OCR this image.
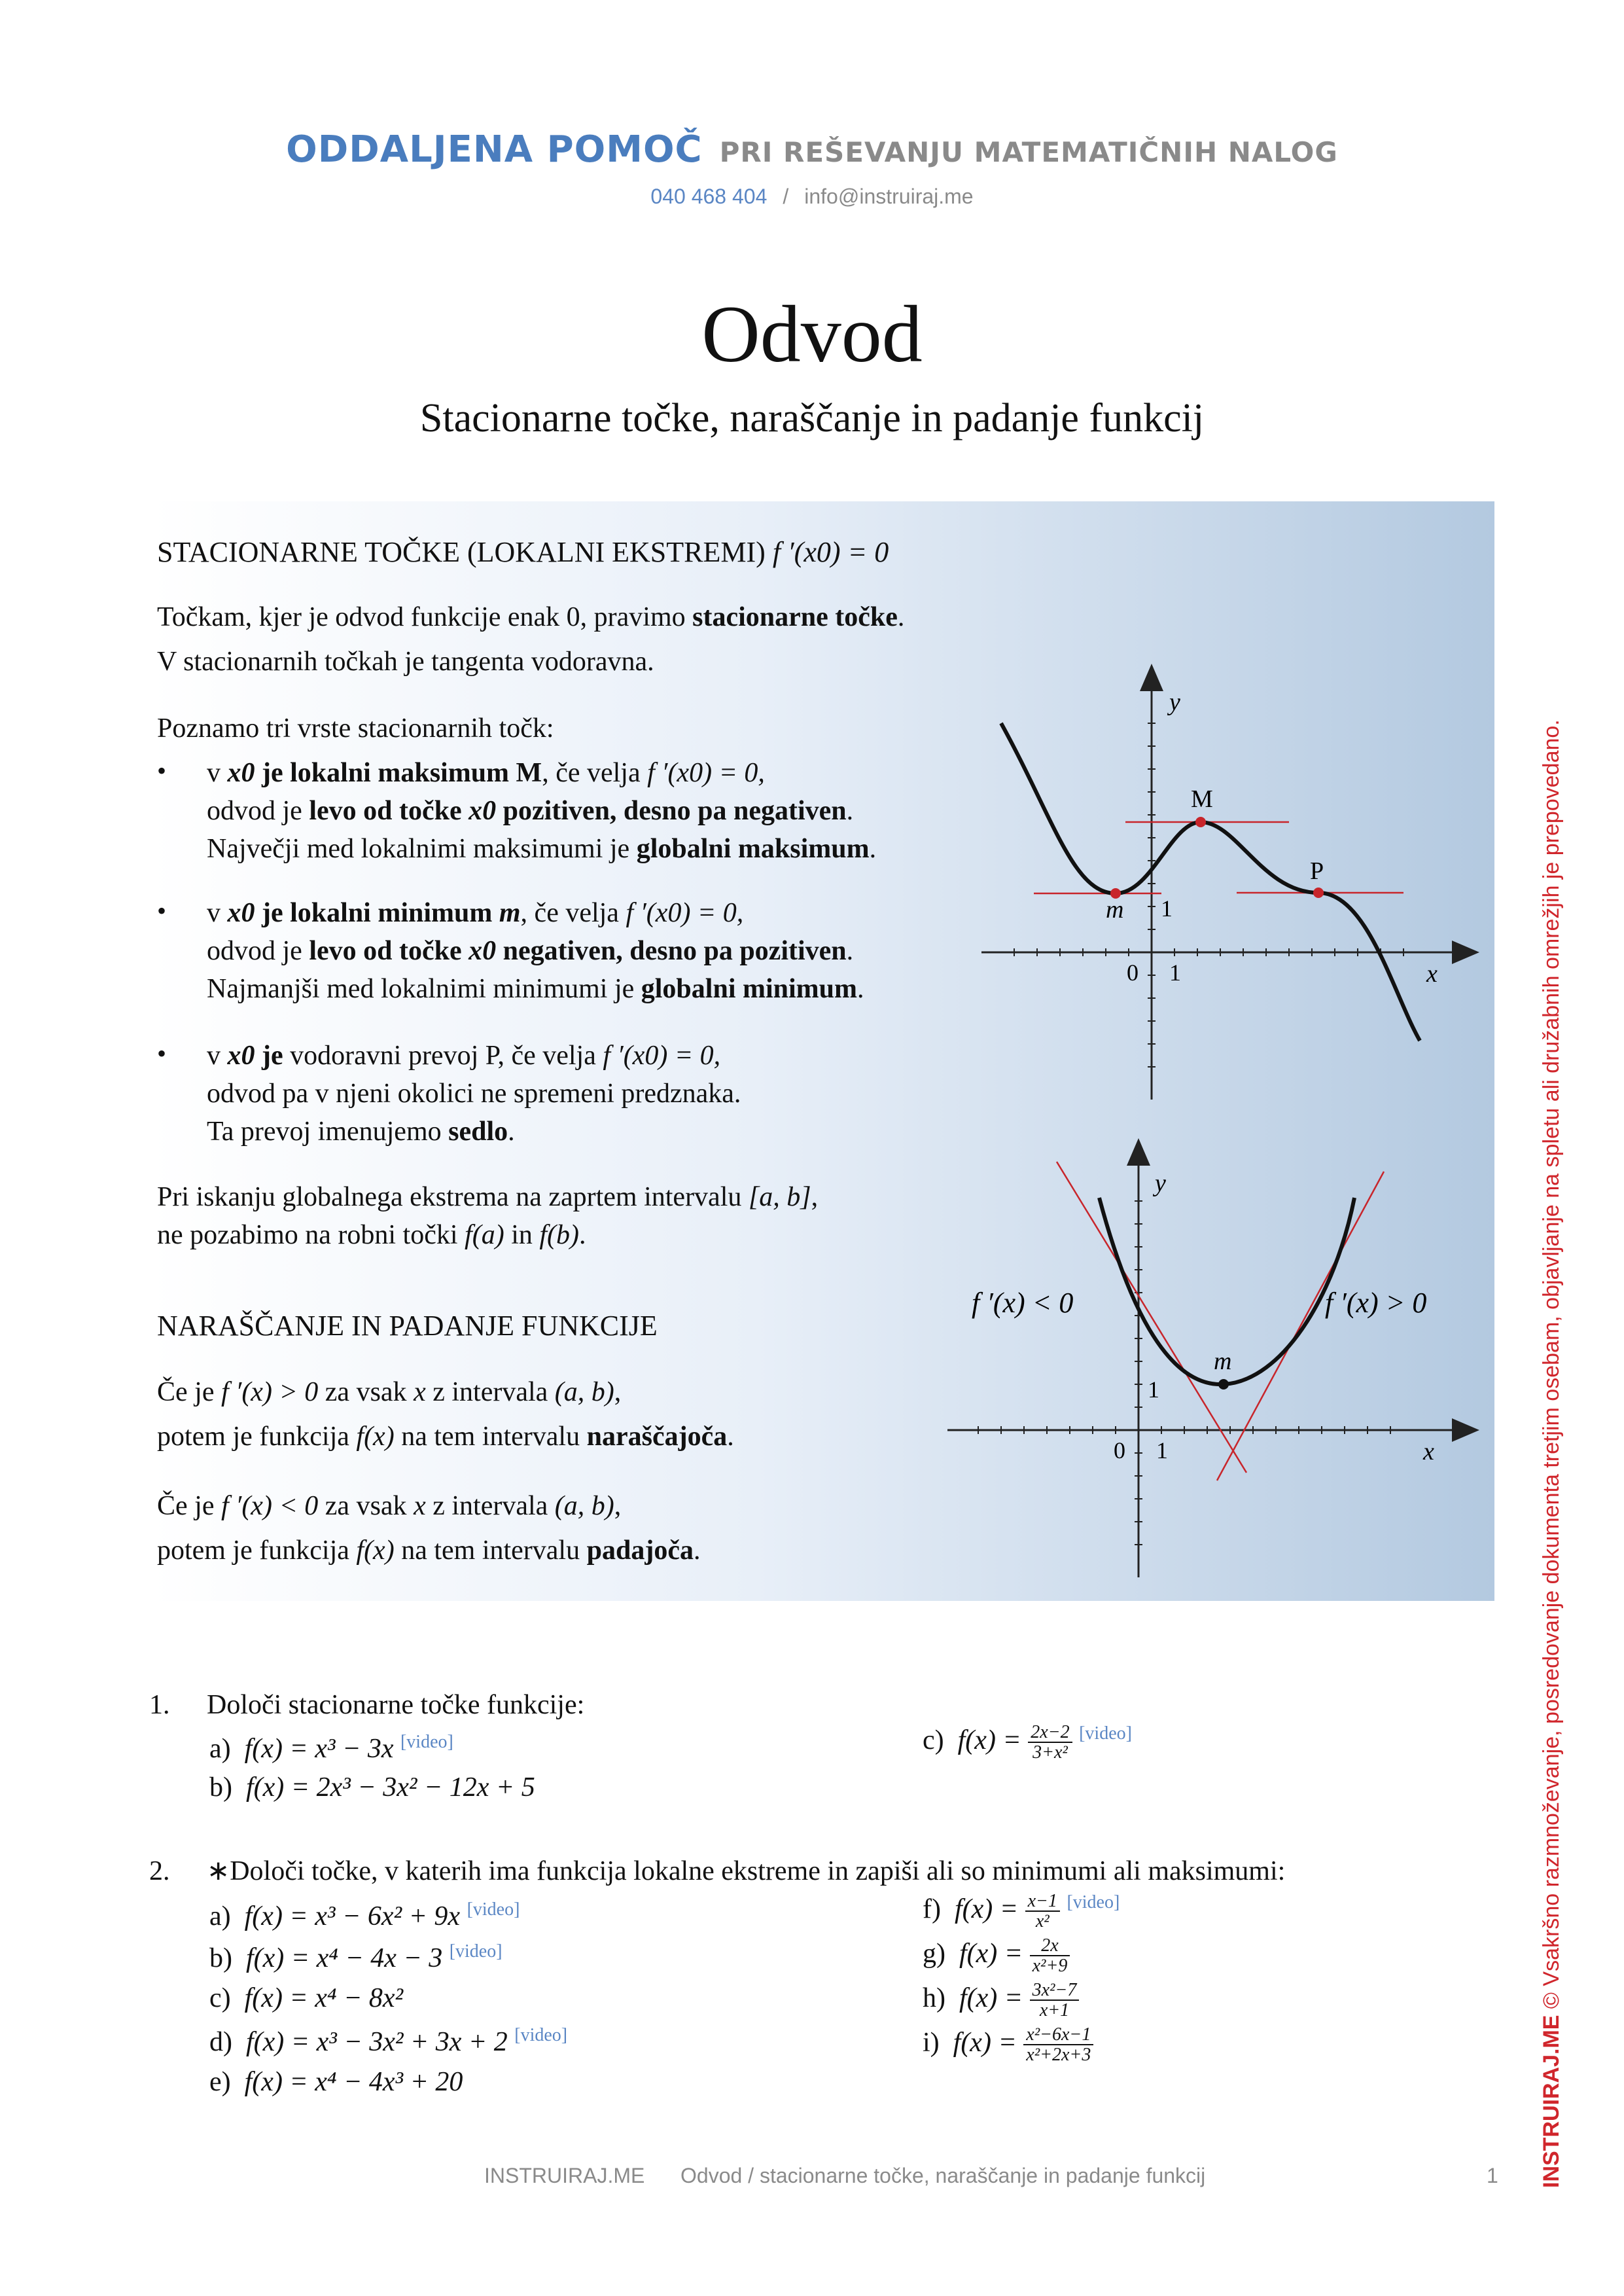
ODDALJENA POMOČ PRI REŠEVANJU MATEMATIČNIH NALOG
040 468 404 / info@instruiraj.me
Odvod
Stacionarne točke, naraščanje in padanje funkcij
STACIONARNE TOČKE (LOKALNI EKSTREMI) f ′(x0) = 0
Točkam, kjer je odvod funkcije enak 0, pravimo stacionarne točke.
V stacionarnih točkah je tangenta vodoravna.
Poznamo tri vrste stacionarnih točk:
• v x0 je lokalni maksimum M, če velja f ′(x0) = 0,
odvod je levo od točke x0 pozitiven, desno pa negativen.
Največji med lokalnimi maksimumi je globalni maksimum.
• v x0 je lokalni minimum m, če velja f ′(x0) = 0,
odvod je levo od točke x0 negativen, desno pa pozitiven.
Najmanjši med lokalnimi minimumi je globalni minimum.
• v x0 je vodoravni prevoj P, če velja f ′(x0) = 0,
odvod pa v njeni okolici ne spremeni predznaka.
Ta prevoj imenujemo sedlo.
Pri iskanju globalnega ekstrema na zaprtem intervalu [a, b],
ne pozabimo na robni točki f(a) in f(b).
NARAŠČANJE IN PADANJE FUNKCIJE
Če je f ′(x) > 0 za vsak x z intervala (a, b),
potem je funkcija f(x) na tem intervalu naraščajoča.
Če je f ′(x) < 0 za vsak x z intervala (a, b),
potem je funkcija f(x) na tem intervalu padajoča.
y
x
0 1
1
M
m
P
y
x
0 1
1
m
f ′(x) < 0	f ′(x) > 0
1. Določi stacionarne točke funkcije:
a) f(x) = x³ − 3x [video]
b) f(x) = 2x³ − 3x² − 12x + 5
c) $f(x) = \frac{2x-2}{\text{3+x²}} [video]$
2. ∗Določi točke, v katerih ima funkcija lokalne ekstreme in zapiši ali so minimumi ali maksimumi:
a) f(x) = x³ − 6x² + 9x [video]
b) f(x) = x⁴ − 4x − 3 [video]
c) f(x) = x⁴ − 8x²
d) f(x) = x³ − 3x² + 3x + 2 [video]
e) f(x) = x⁴ − 4x³ + 20
f) $f(x) = \frac{x-1}{\text{x²}} [video]$
g) $f(x) = \frac{2x}{\text{x²+9}}$
h) $f(x) = \frac{\text{3x²−7}}{x+1}$
i) $f(x) = \frac{\text{x²−6x−1}}{\text{x²+2x+3}}$
INSTRUIRAJ.ME Odvod / stacionarne točke, naraščanje in padanje funkcij	1 INSTRUIRAJ.ME © Vsakršno razmnoževanje, posredovanje dokumenta tretjim osebam, objavljanje na spletu ali družabnih omrežjih je prepovedano.
